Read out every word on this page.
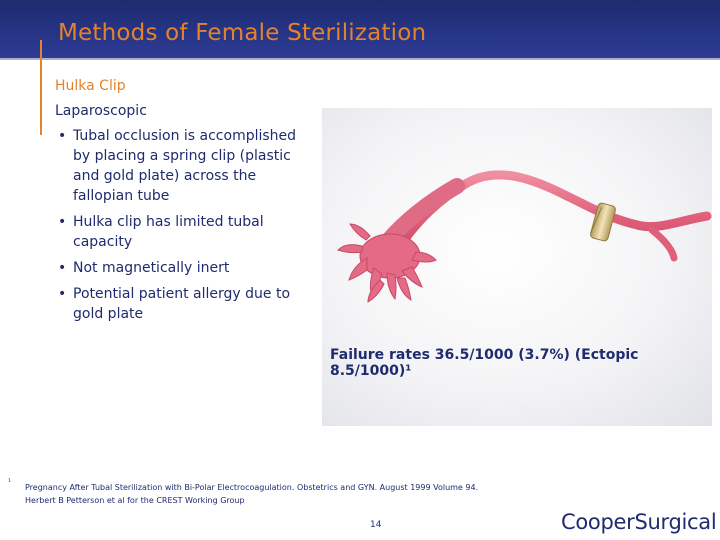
Methods of Female Sterilization
Hulka Clip
Laparoscopic
• Tubal occlusion is accomplished by placing a spring clip (plastic and gold plate) across the fallopian tube
• Hulka clip has limited tubal capacity
• Not magnetically inert
• Potential patient allergy due to gold plate
Failure rates 36.5/1000 (3.7%) (Ectopic 8.5/1000)¹
¹
Pregnancy After Tubal Sterilization with Bi-Polar Electrocoagulation. Obstetrics and GYN. August 1999 Volume 94.
Herbert B Petterson et al for the CREST Working Group
14	CooperSurgical
